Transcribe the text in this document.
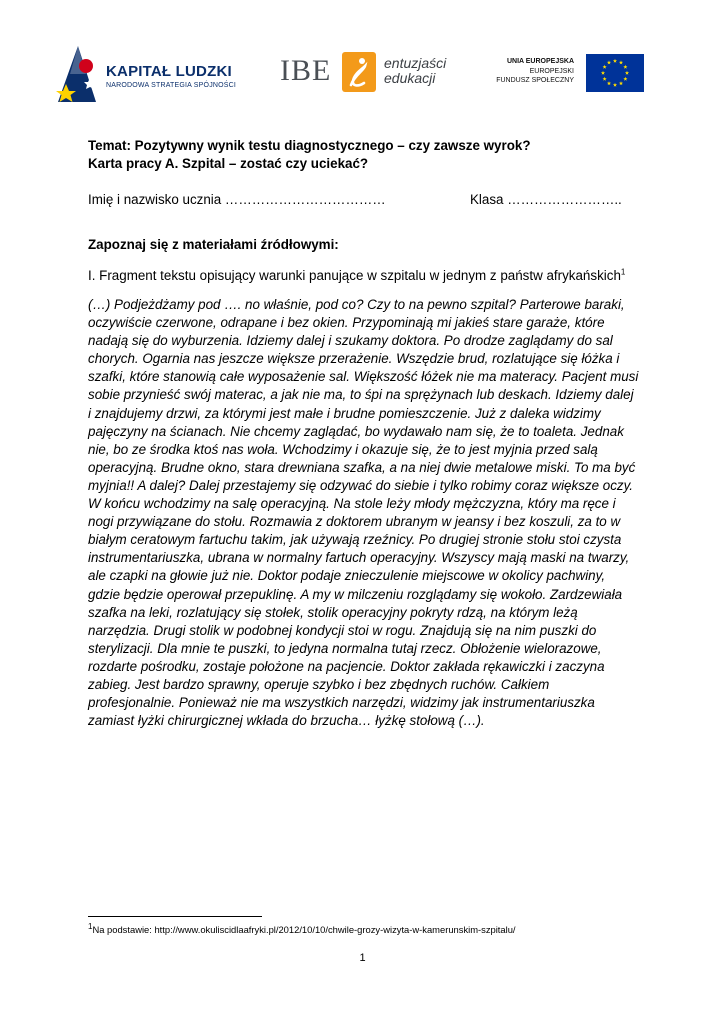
KAPITAŁ LUDZKI
NARODOWA STRATEGIA SPÓJNOŚCI IBE	entuzjaści
edukacji
UNIA EUROPEJSKA
EUROPEJSKI
FUNDUSZ SPOŁECZNY
Temat: Pozytywny wynik testu diagnostycznego – czy zawsze wyrok?
Karta pracy A. Szpital – zostać czy uciekać?
Imię i nazwisko ucznia ………………………………	Klasa ……………………..
Zapoznaj się z materiałami źródłowymi:
I. Fragment tekstu opisujący warunki panujące w szpitalu w jednym z państw afrykańskich$^1$
(…) Podjeżdżamy pod …. no właśnie, pod co? Czy to na pewno szpital? Parterowe baraki,
oczywiście czerwone, odrapane i bez okien. Przypominają mi jakieś stare garaże, które
nadają się do wyburzenia. Idziemy dalej i szukamy doktora. Po drodze zaglądamy do sal
chorych. Ogarnia nas jeszcze większe przerażenie. Wszędzie brud, rozlatujące się łóżka i
szafki, które stanowią całe wyposażenie sal. Większość łóżek nie ma materacy. Pacjent musi
sobie przynieść swój materac, a jak nie ma, to śpi na sprężynach lub deskach. Idziemy dalej
i znajdujemy drzwi, za którymi jest małe i brudne pomieszczenie. Już z daleka widzimy
pajęczyny na ścianach. Nie chcemy zaglądać, bo wydawało nam się, że to toaleta. Jednak
nie, bo ze środka ktoś nas woła. Wchodzimy i okazuje się, że to jest myjnia przed salą
operacyjną. Brudne okno, stara drewniana szafka, a na niej dwie metalowe miski. To ma być
myjnia!! A dalej? Dalej przestajemy się odzywać do siebie i tylko robimy coraz większe oczy.
W końcu wchodzimy na salę operacyjną. Na stole leży młody mężczyzna, który ma ręce i
nogi przywiązane do stołu. Rozmawia z doktorem ubranym w jeansy i bez koszuli, za to w
białym ceratowym fartuchu takim, jak używają rzeźnicy. Po drugiej stronie stołu stoi czysta
instrumentariuszka, ubrana w normalny fartuch operacyjny. Wszyscy mają maski na twarzy,
ale czapki na głowie już nie. Doktor podaje znieczulenie miejscowe w okolicy pachwiny,
gdzie będzie operował przepuklinę. A my w milczeniu rozglądamy się wokoło. Zardzewiała
szafka na leki, rozlatujący się stołek, stolik operacyjny pokryty rdzą, na którym leżą
narzędzia. Drugi stolik w podobnej kondycji stoi w rogu. Znajdują się na nim puszki do
sterylizacji. Dla mnie te puszki, to jedyna normalna tutaj rzecz. Obłożenie wielorazowe,
rozdarte pośrodku, zostaje położone na pacjencie. Doktor zakłada rękawiczki i zaczyna
zabieg. Jest bardzo sprawny, operuje szybko i bez zbędnych ruchów. Całkiem
profesjonalnie. Ponieważ nie ma wszystkich narzędzi, widzimy jak instrumentariuszka
zamiast łyżki chirurgicznej wkłada do brzucha… łyżkę stołową (…).
$^1$Na podstawie: http://www.okuliscidlaafryki.pl/2012/10/10/chwile-grozy-wizyta-w-kamerunskim-szpitalu/
1
